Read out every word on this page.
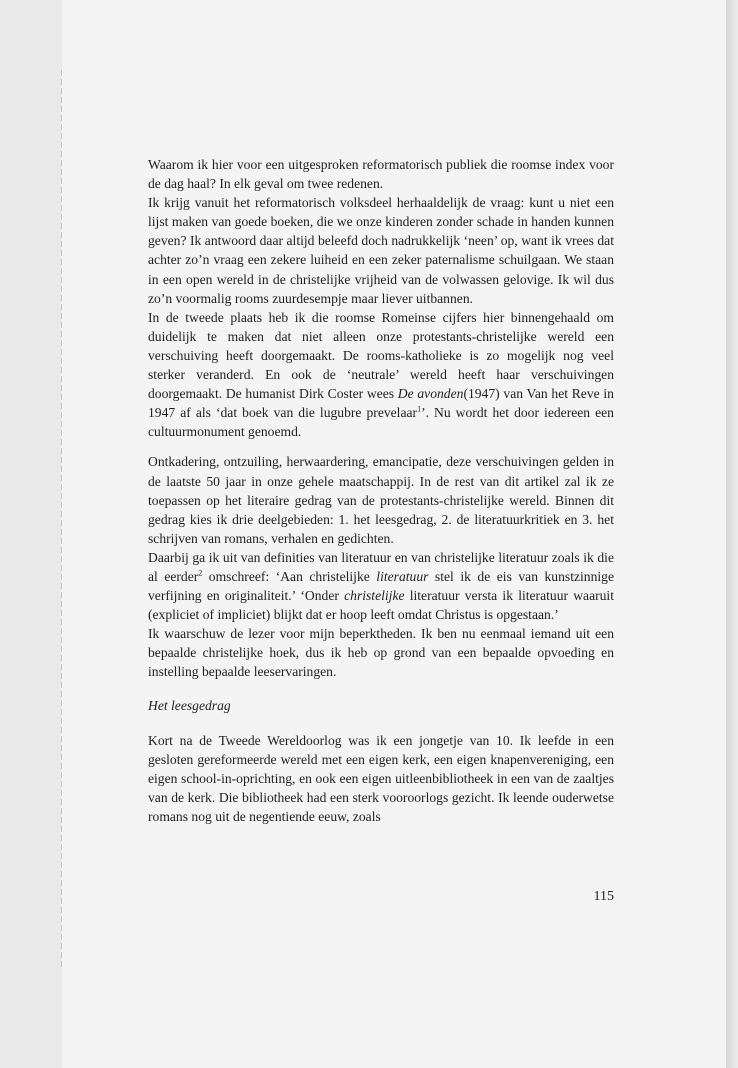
Waarom ik hier voor een uitgesproken reformatorisch publiek die roomse index voor de dag haal? In elk geval om twee redenen.

Ik krijg vanuit het reformatorisch volksdeel herhaaldelijk de vraag: kunt u niet een lijst maken van goede boeken, die we onze kinderen zonder schade in handen kunnen geven? Ik antwoord daar altijd beleefd doch nadrukkelijk ‘neen’ op, want ik vrees dat achter zo’n vraag een zekere luiheid en een zeker paternalisme schuilgaan. We staan in een open wereld in de christelijke vrijheid van de volwassen gelovige. Ik wil dus zo’n voormalig rooms zuurdesempje maar liever uitbannen.

In de tweede plaats heb ik die roomse Romeinse cijfers hier binnengehaald om duidelijk te maken dat niet alleen onze protestants-christelijke wereld een verschuiving heeft doorgemaakt. De rooms-katholieke is zo mogelijk nog veel sterker veranderd. En ook de ‘neutrale’ wereld heeft haar verschuivingen doorgemaakt. De humanist Dirk Coster wees De avonden(1947) van Van het Reve in 1947 af als ‘dat boek van die lugubre prevelaar$^1$’. Nu wordt het door iedereen een cultuurmonument genoemd.

Ontkadering, ontzuiling, herwaardering, emancipatie, deze verschuivingen gelden in de laatste 50 jaar in onze gehele maatschappij. In de rest van dit artikel zal ik ze toepassen op het literaire gedrag van de protestants-christelijke wereld. Binnen dit gedrag kies ik drie deelgebieden: 1. het leesgedrag, 2. de literatuurkritiek en 3. het schrijven van romans, verhalen en gedichten.

Daarbij ga ik uit van definities van literatuur en van christelijke literatuur zoals ik die al eerder$^2$ omschreef: ‘Aan christelijke literatuur stel ik de eis van kunstzinnige verfijning en originaliteit.’ ‘Onder christelijke literatuur versta ik literatuur waaruit (expliciet of impliciet) blijkt dat er hoop leeft omdat Christus is opgestaan.’

Ik waarschuw de lezer voor mijn beperktheden. Ik ben nu eenmaal iemand uit een bepaalde christelijke hoek, dus ik heb op grond van een bepaalde opvoeding en instelling bepaalde leeservaringen.

Het leesgedrag

Kort na de Tweede Wereldoorlog was ik een jongetje van 10. Ik leefde in een gesloten gereformeerde wereld met een eigen kerk, een eigen knapenvereniging, een eigen school-in-oprichting, en ook een eigen uitleenbibliotheek in een van de zaaltjes van de kerk. Die bibliotheek had een sterk vooroorlogs gezicht. Ik leende ouderwetse romans nog uit de negentiende eeuw, zoals

115
